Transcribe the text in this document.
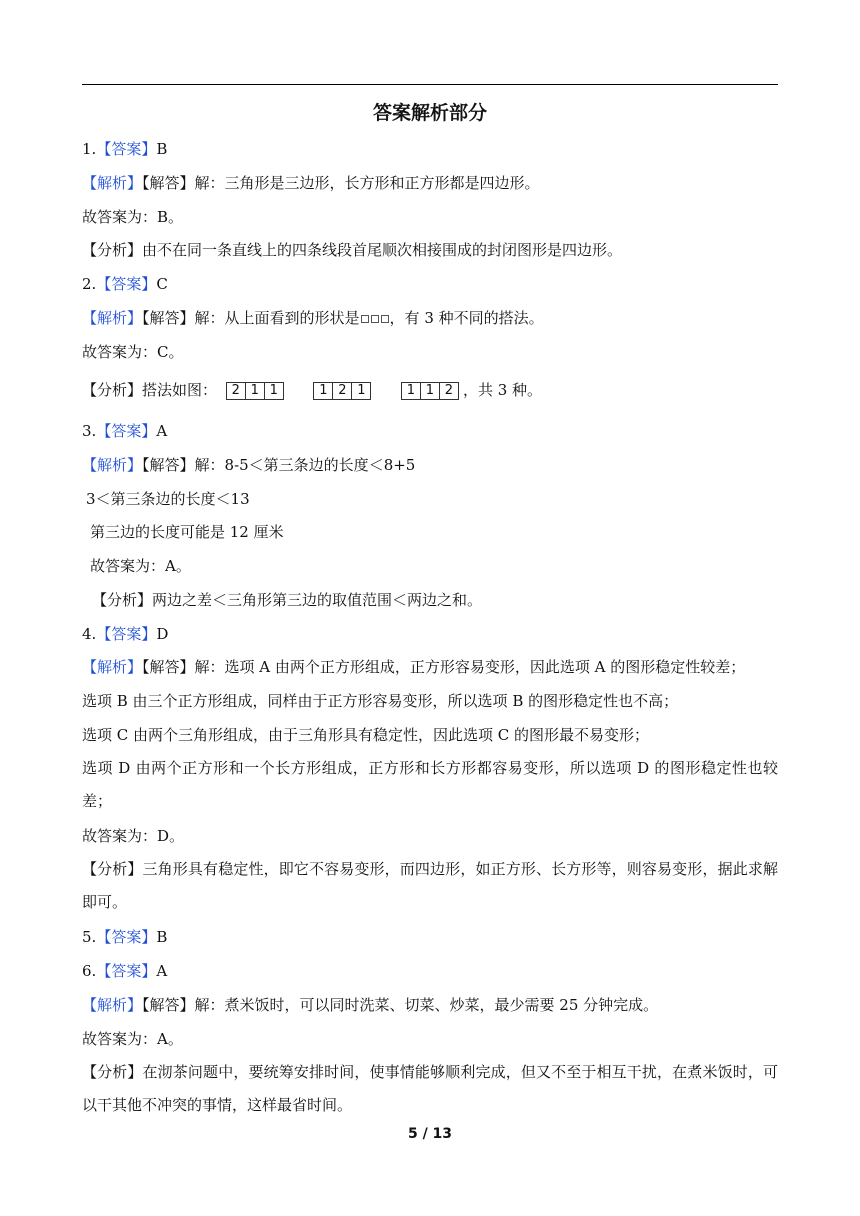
答案解析部分
1.【答案】B
【解析】【解答】解：三角形是三边形，长方形和正方形都是四边形。
故答案为：B。
【分析】由不在同一条直线上的四条线段首尾顺次相接围成的封闭图形是四边形。
2.【答案】C
【解析】【解答】解：从上面看到的形状是 ，有 3 种不同的搭法。
故答案为：C。
【分析】搭法如图： 2 1 1	1 2 1	1 1 2 ，共 3 种。
3.【答案】A
【解析】【解答】解：8-5＜第三条边的长度＜8+5
3＜第三条边的长度＜13
第三边的长度可能是 12 厘米
故答案为：A。
【分析】两边之差＜三角形第三边的取值范围＜两边之和。
4.【答案】D
【解析】【解答】解：选项 A 由两个正方形组成，正方形容易变形，因此选项 A 的图形稳定性较差；
选项 B 由三个正方形组成，同样由于正方形容易变形，所以选项 B 的图形稳定性也不高；
选项 C 由两个三角形组成，由于三角形具有稳定性，因此选项 C 的图形最不易变形；
选项 D 由两个正方形和一个长方形组成，正方形和长方形都容易变形，所以选项 D 的图形稳定性也较差；
故答案为：D。
【分析】三角形具有稳定性，即它不容易变形，而四边形，如正方形、长方形等，则容易变形，据此求解即可。
5.【答案】B
6.【答案】A
【解析】【解答】解：煮米饭时，可以同时洗菜、切菜、炒菜，最少需要 25 分钟完成。
故答案为：A。
【分析】在沏茶问题中，要统筹安排时间，使事情能够顺利完成，但又不至于相互干扰，在煮米饭时，可以干其他不冲突的事情，这样最省时间。
5 / 13
